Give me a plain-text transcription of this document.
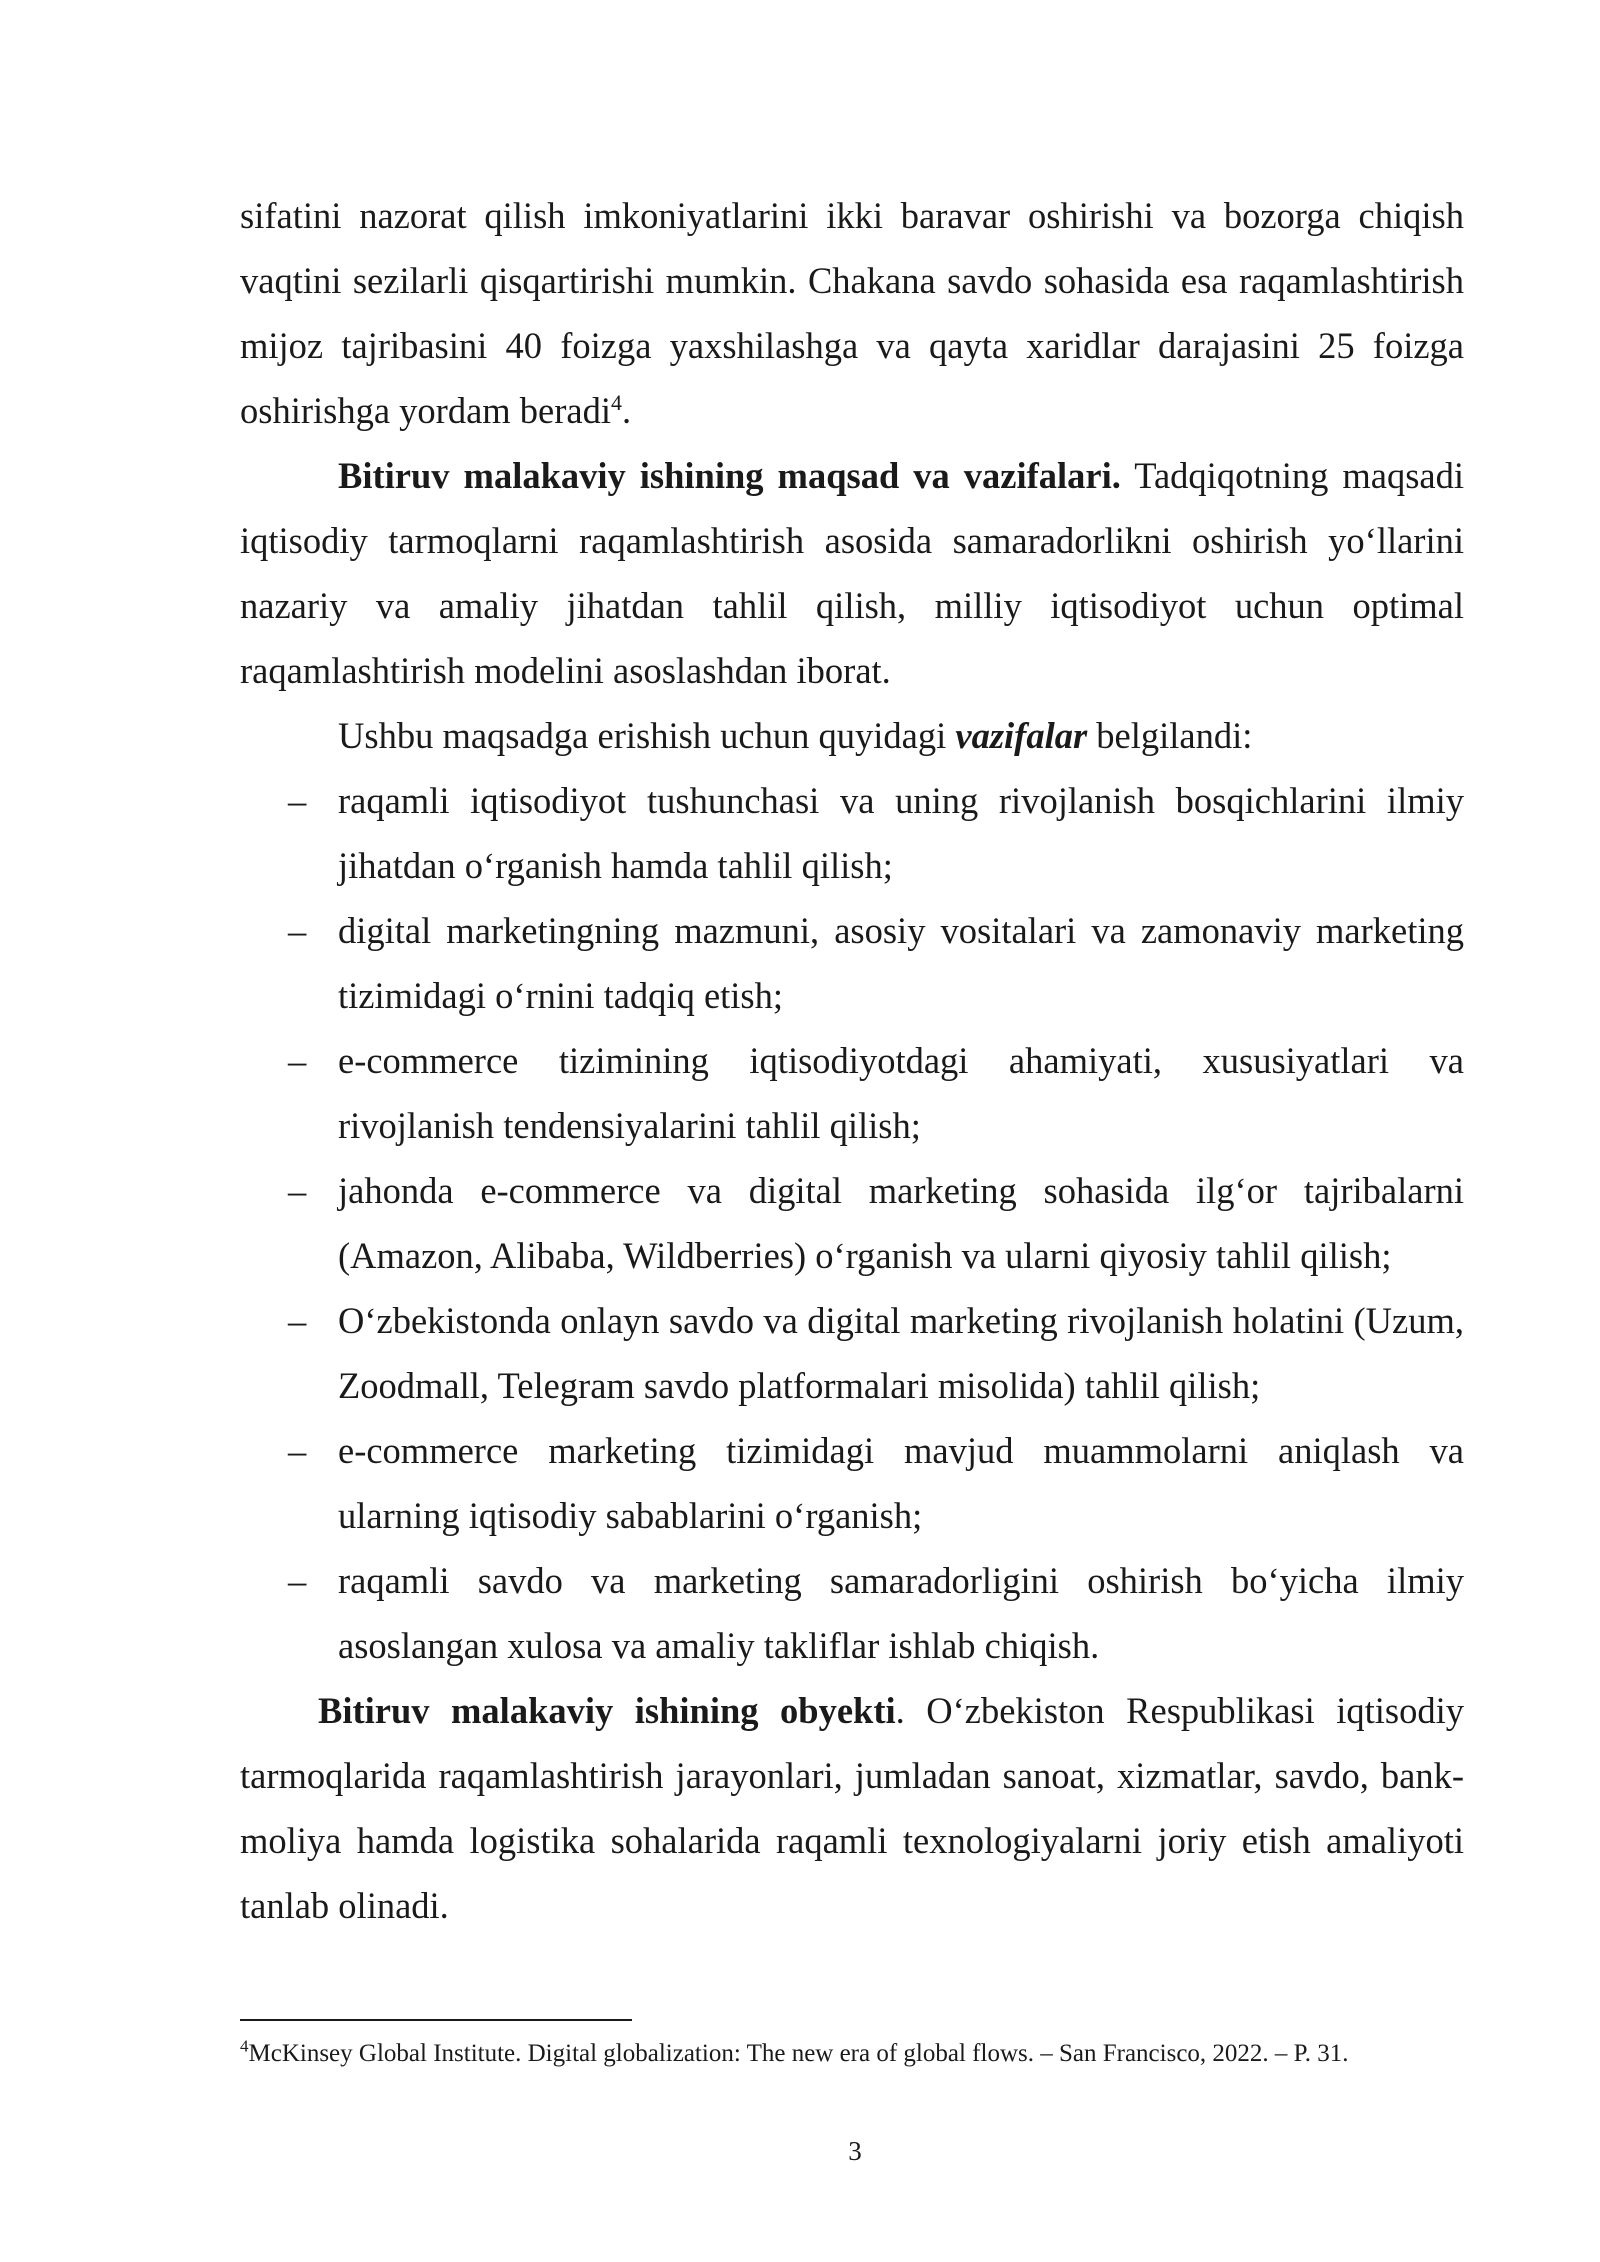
sifatini nazorat qilish imkoniyatlarini ikki baravar oshirishi va bozorga chiqish vaqtini sezilarli qisqartirishi mumkin. Chakana savdo sohasida esa raqamlashtirish mijoz tajribasini 40 foizga yaxshilashga va qayta xaridlar darajasini 25 foizga oshirishga yordam beradi$^4$.

Bitiruv malakaviy ishining maqsad va vazifalari. Tadqiqotning maqsadi iqtisodiy tarmoqlarni raqamlashtirish asosida samaradorlikni oshirish yo‘llarini nazariy va amaliy jihatdan tahlil qilish, milliy iqtisodiyot uchun optimal raqamlashtirish modelini asoslashdan iborat.

Ushbu maqsadga erishish uchun quyidagi vazifalar belgilandi:

– raqamli iqtisodiyot tushunchasi va uning rivojlanish bosqichlarini ilmiy jihatdan o‘rganish hamda tahlil qilish;
– digital marketingning mazmuni, asosiy vositalari va zamonaviy marketing tizimidagi o‘rnini tadqiq etish;
– e-commerce tizimining iqtisodiyotdagi ahamiyati, xususiyatlari va rivojlanish tendensiyalarini tahlil qilish;
– jahonda e-commerce va digital marketing sohasida ilg‘or tajribalarni (Amazon, Alibaba, Wildberries) o‘rganish va ularni qiyosiy tahlil qilish;
– O‘zbekistonda onlayn savdo va digital marketing rivojlanish holatini (Uzum, Zoodmall, Telegram savdo platformalari misolida) tahlil qilish;
– e-commerce marketing tizimidagi mavjud muammolarni aniqlash va ularning iqtisodiy sabablarini o‘rganish;
– raqamli savdo va marketing samaradorligini oshirish bo‘yicha ilmiy asoslangan xulosa va amaliy takliflar ishlab chiqish.

Bitiruv malakaviy ishining obyekti. O‘zbekiston Respublikasi iqtisodiy tarmoqlarida raqamlashtirish jarayonlari, jumladan sanoat, xizmatlar, savdo, bank-moliya hamda logistika sohalarida raqamli texnologiyalarni joriy etish amaliyoti tanlab olinadi.

$^4$McKinsey Global Institute. Digital globalization: The new era of global flows. – San Francisco, 2022. – P. 31.
3
